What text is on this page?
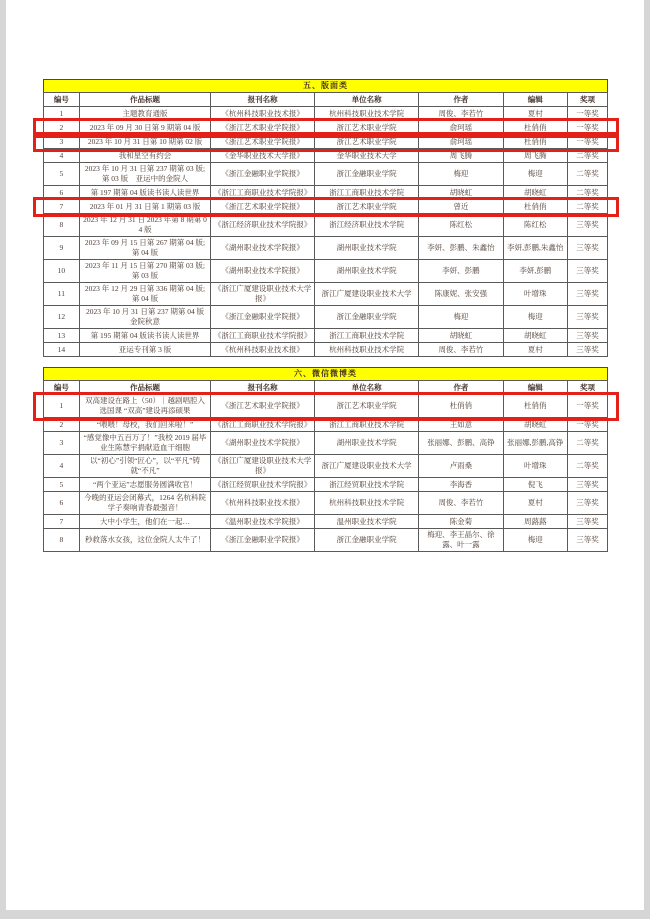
五、版面类
编号	作品标题	报刊名称	单位名称	作者	编辑	奖项
1	主题教育通版	《杭州科技职业技术报》	杭州科技职业技术学院	周俊、李若竹	夏村	一等奖
2	2023 年 09 月 30 日第 9 期第 04 版	《浙江艺术职业学院报》	浙江艺术职业学院	俞珂瑶	杜俏俏	一等奖
3	2023 年 10 月 31 日第 10 期第 02 版	《浙江艺术职业学院报》	浙江艺术职业学院	俞珂瑶	杜俏俏	一等奖
4	我和星空有约会	《金华职业技术大学报》	金华职业技术大学	周飞腾	周飞腾	二等奖
5	2023 年 10 月 31 日第 237 期第 03 版;第 03 版　亚运中的金院人	《浙江金融职业学院报》	浙江金融职业学院	梅迎	梅迎	二等奖
6	第 197 期第 04 版读书读人读世界	《浙江工商职业技术学院报》	浙江工商职业技术学院	胡晓虹	胡晓虹	二等奖
7	2023 年 01 月 31 日第 1 期第 03 版	《浙江艺术职业学院报》	浙江艺术职业学院	曾近	杜俏俏	二等奖
8	2023 年 12 月 31 日 2023 年第 8 期第 04 版	《浙江经济职业技术学院报》	浙江经济职业技术学院	陈红松	陈红松	三等奖
9	2023 年 09 月 15 日第 267 期第 04 版;第 04 版	《湖州职业技术学院报》	湖州职业技术学院	李妍、彭鹏、朱鑫怡	李妍,彭鹏,朱鑫怡	三等奖
10	2023 年 11 月 15 日第 270 期第 03 版;第 03 版	《湖州职业技术学院报》	湖州职业技术学院	李妍、彭鹏	李妍,彭鹏	三等奖
11	2023 年 12 月 29 日第 336 期第 04 版;第 04 版	《浙江广厦建设职业技术大学报》	浙江广厦建设职业技术大学	陈康妮、张安强	叶增珠	三等奖
12	2023 年 10 月 31 日第 237 期第 04 版　金院秋意	《浙江金融职业学院报》	浙江金融职业学院	梅迎	梅迎	三等奖
13	第 195 期第 04 版读书读人读世界	《浙江工商职业技术学院报》	浙江工商职业技术学院	胡晓虹	胡晓虹	三等奖
14	亚运专刊第 3 版	《杭州科技职业技术报》	杭州科技职业技术学院	周俊、李若竹	夏村	三等奖
六、微信微博类
编号	作品标题	报刊名称	单位名称	作者	编辑	奖项
1	双高建设在路上（50）｜越剧唱腔入选国课 “双高”建设再添硕果	《浙江艺术职业学院报》	浙江艺术职业学院	杜俏俏	杜俏俏	一等奖
2	“喂喂！母校，我们回来啦！”	《浙江工商职业技术学院报》	浙江工商职业技术学院	王如意	胡晓虹	一等奖
3	“感觉像中五百万了！”我校 2019 届毕业生陈慧宇捐献造血干细胞	《湖州职业技术学院报》	湖州职业技术学院	张丽娜、彭鹏、高铮	张丽娜,彭鹏,高铮	二等奖
4	以“初心”引领“匠心”，以“平凡”铸就“不凡”	《浙江广厦建设职业技术大学报》	浙江广厦建设职业技术大学	卢雨桑	叶增珠	二等奖
5	“两个亚运”志愿服务圆满收官！	《浙江经贸职业技术学院报》	浙江经贸职业技术学院	李海香	倪飞	三等奖
6	今晚的亚运会闭幕式，1264 名杭科院学子奏响青春最强音！	《杭州科技职业技术报》	杭州科技职业技术学院	周俊、李若竹	夏村	三等奖
7	大中小学生，他们在一起…	《温州职业技术学院报》	温州职业技术学院	陈金菊	周蕗蕗	三等奖
8	秒救落水女孩，这位金院人太牛了！	《浙江金融职业学院报》	浙江金融职业学院	梅迎、李王晶尔、徐露、叶一露	梅迎	三等奖
